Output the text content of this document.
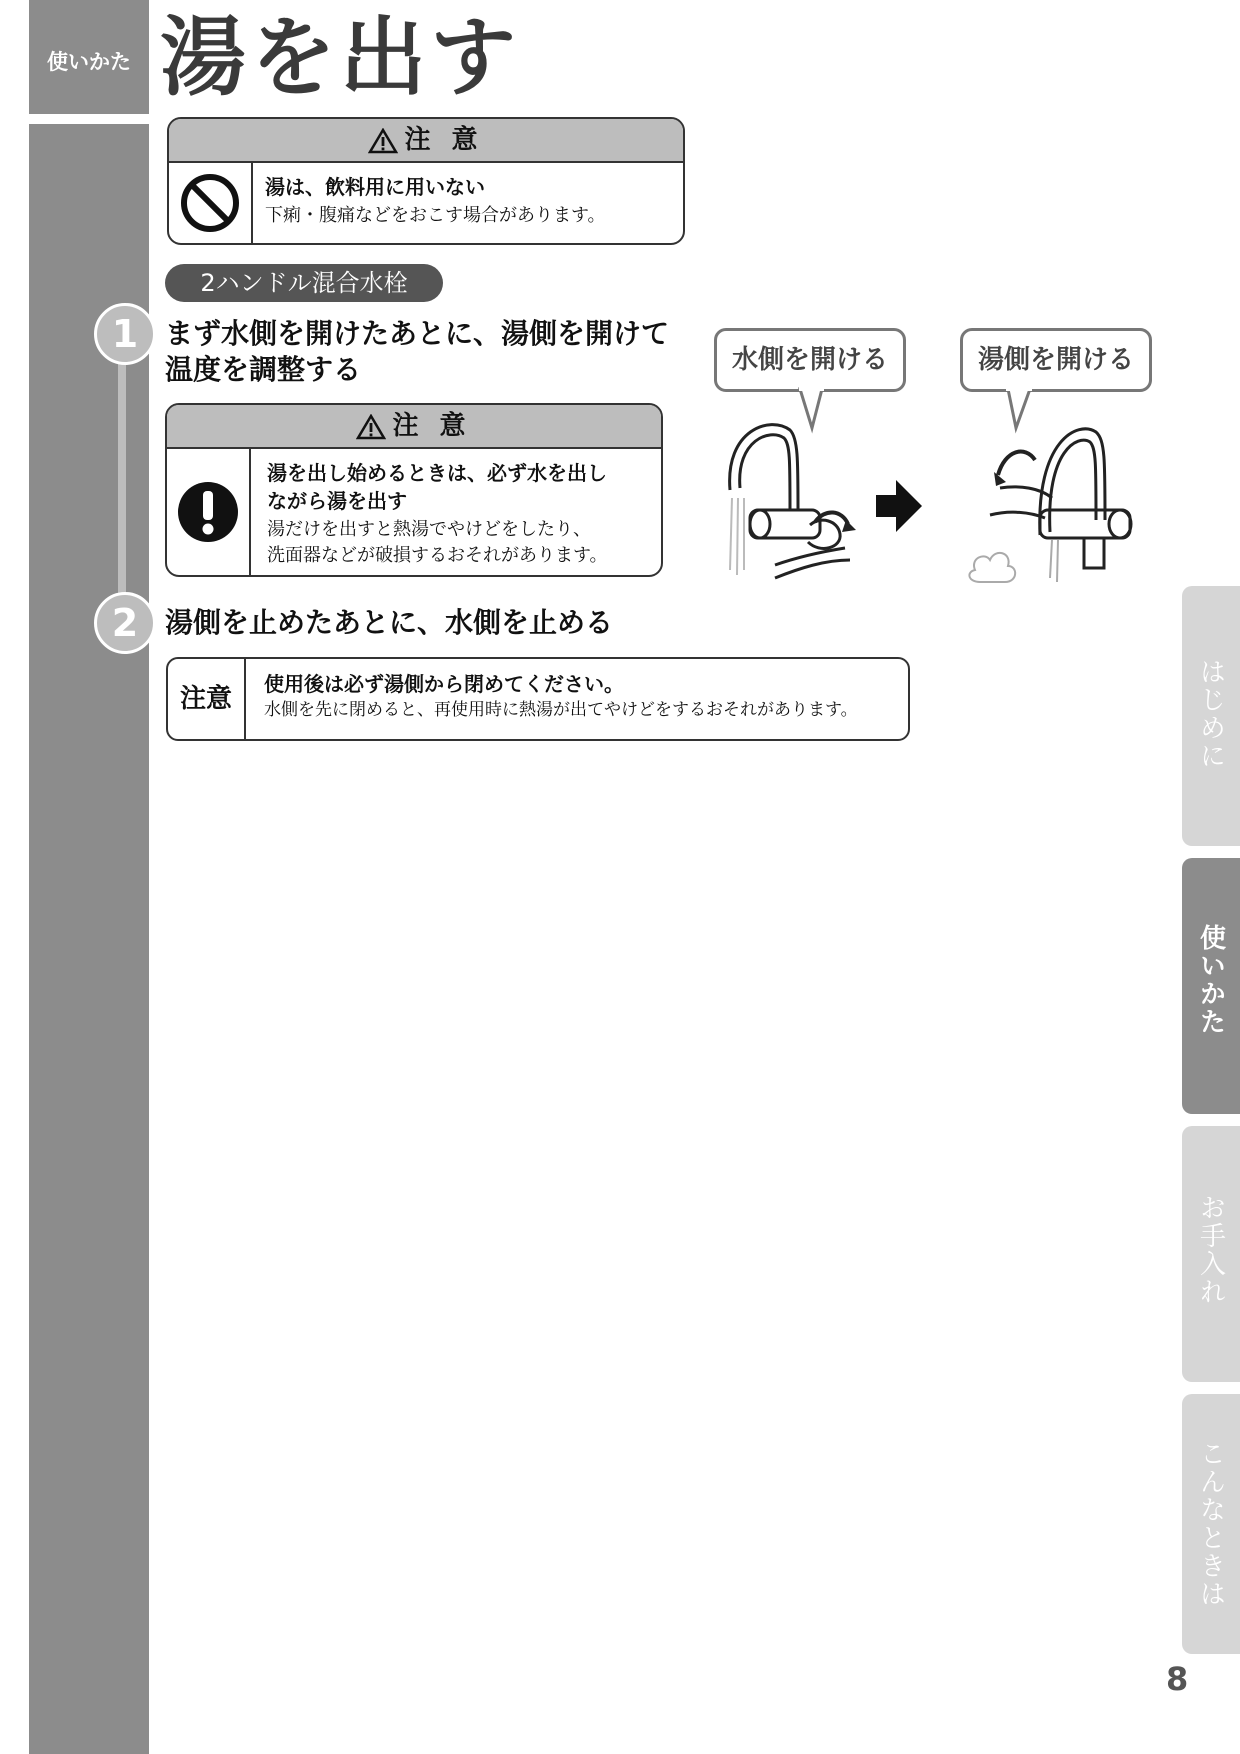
使いかた 湯を出す
注 意
湯は、飲料用に用いない
下痢・腹痛などをおこす場合があります。
2ハンドル混合水栓
1
2
まず水側を開けたあとに、湯側を開けて
温度を調整する
注 意
湯を出し始めるときは、必ず水を出し
ながら湯を出す
湯だけを出すと熱湯でやけどをしたり、
洗面器などが破損するおそれがあります。
水側を開ける	湯側を開ける
湯側を止めたあとに、水側を止める
注意	使用後は必ず湯側から閉めてください。
水側を先に閉めると、再使用時に熱湯が出てやけどをするおそれがあります。	はじめに
使いかた
お手入れ
こんなときは
8
